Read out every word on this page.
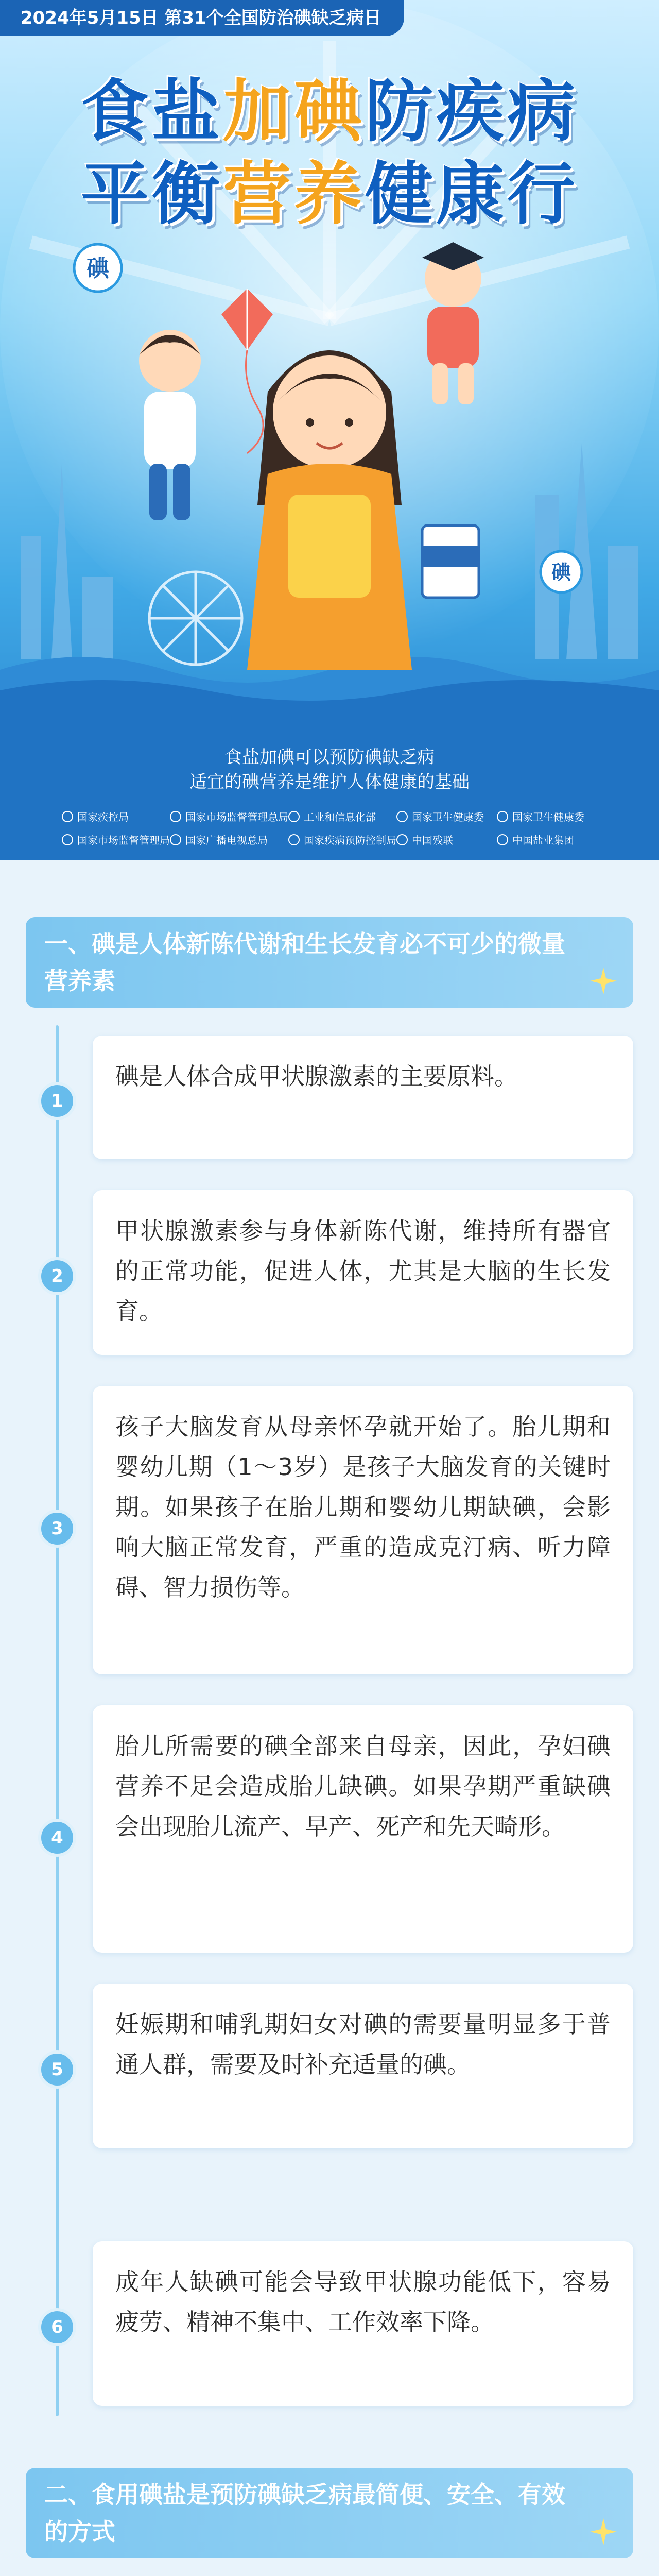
2024年5月15日 第31个全国防治碘缺乏病日
食盐加碘防疾病
平衡营养健康行
碘
碘
食盐加碘可以预防碘缺乏病
适宜的碘营养是维护人体健康的基础
国家疾控局	国家市场监督管理总局 工业和信息化部	国家卫生健康委	国家卫生健康委
国家市场监督管理局 国家广播电视总局	国家疾病预防控制局 中国残联	中国盐业集团
一、碘是人体新陈代谢和生长发育必不可少的微量营养素
1
碘是人体合成甲状腺激素的主要原料。
2
甲状腺激素参与身体新陈代谢，维持所有器官的正常功能，促进人体，尤其是大脑的生长发育。
3
孩子大脑发育从母亲怀孕就开始了。胎儿期和婴幼儿期（1～3岁）是孩子大脑发育的关键时期。如果孩子在胎儿期和婴幼儿期缺碘，会影响大脑正常发育，严重的造成克汀病、听力障碍、智力损伤等。
4
胎儿所需要的碘全部来自母亲，因此，孕妇碘营养不足会造成胎儿缺碘。如果孕期严重缺碘会出现胎儿流产、早产、死产和先天畸形。
5
妊娠期和哺乳期妇女对碘的需要量明显多于普通人群，需要及时补充适量的碘。
6
成年人缺碘可能会导致甲状腺功能低下，容易疲劳、精神不集中、工作效率下降。
二、食用碘盐是预防碘缺乏病最简便、安全、有效的方式
